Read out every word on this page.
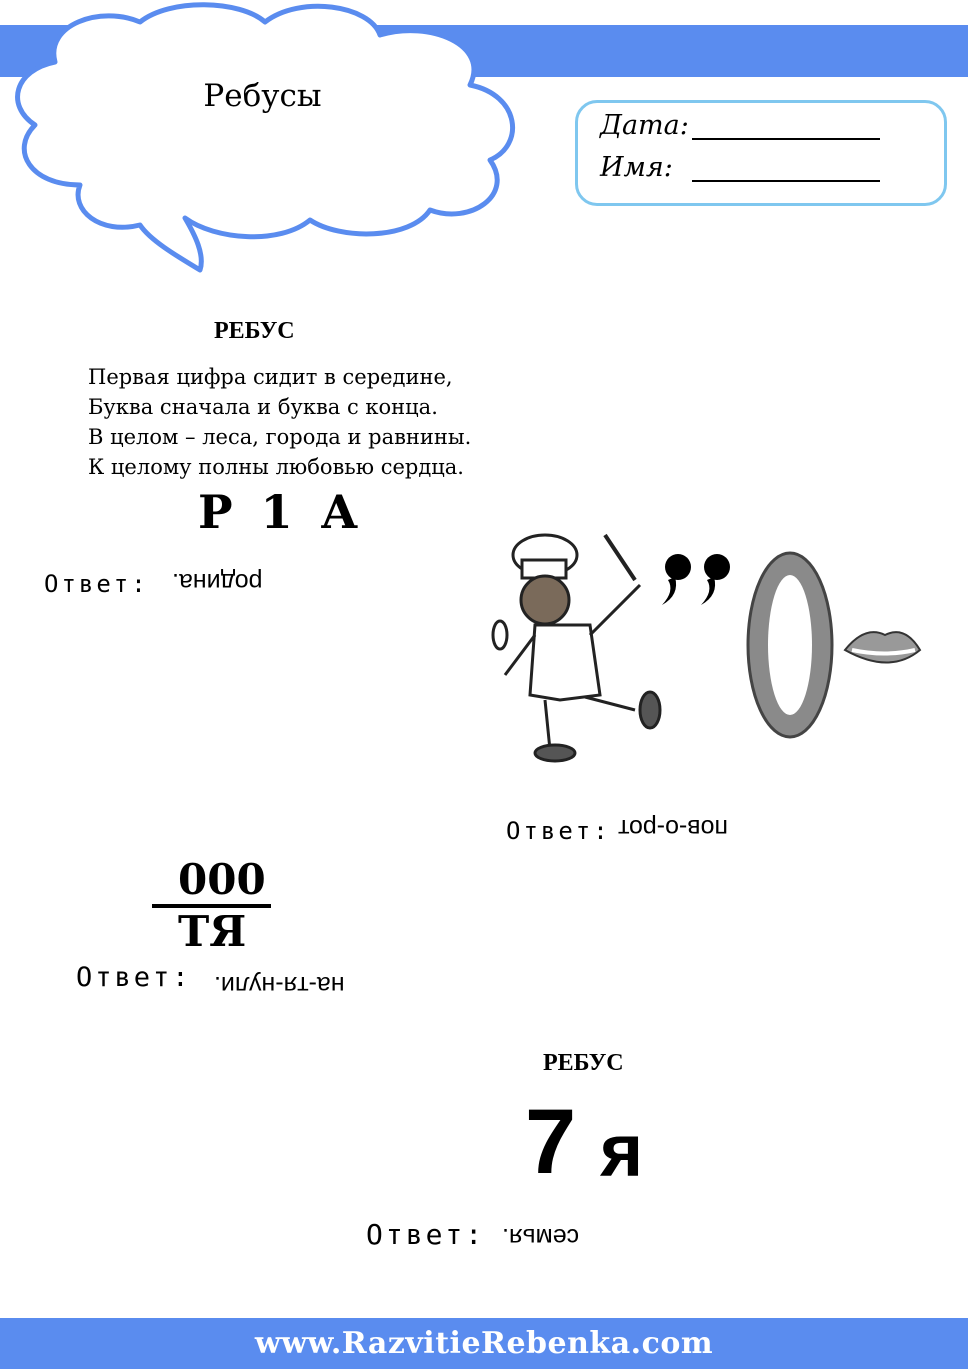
Ребусы
Дата:
Имя:
РЕБУС
Первая цифра сидит в середине,
Буква сначала и буква с конца.
В целом – леса, города и равнины.
К целому полны любовью сердца.
Р 1 А
Ответ: родина.
Ответ: пов-о-рот
000
ТЯ
Ответ: на-тя-нули.
РЕБУС
7 я
Ответ: семья.
www.RazvitieRebenka.com
